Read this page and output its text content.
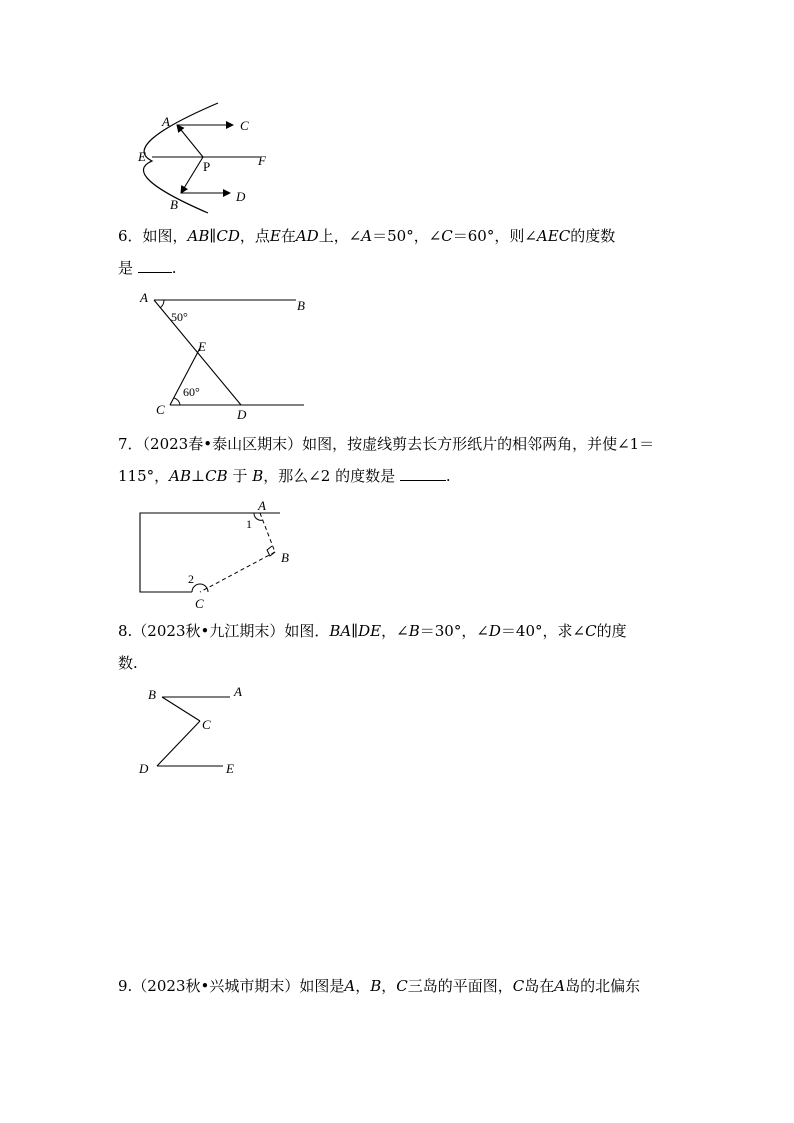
A	C
E
P	F
B
D

6．如图，AB∥CD，点E在AD上，∠A＝50°，∠C＝60°，则∠AEC的度数
是	.

A
B
50°
E
60°
C	D

7．（2023春•泰山区期末）如图，按虚线剪去长方形纸片的相邻两角，并使∠1＝
115°，AB⊥CB 于 B，那么∠2 的度数是	.

A
1
B
2
C

8.（2023秋•九江期末）如图．BA∥DE，∠B＝30°，∠D＝40°，求∠C的度
数.

B	A
C
D	E

9.（2023秋•兴城市期末）如图是A，B，C三岛的平面图，C岛在A岛的北偏东
